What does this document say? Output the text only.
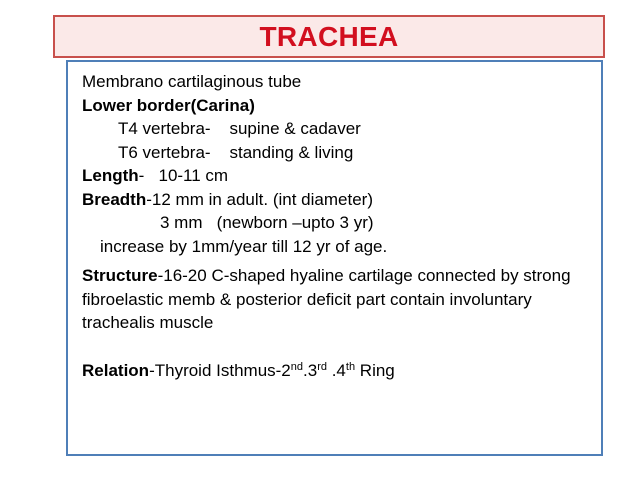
TRACHEA
Membrano cartilaginous tube
Lower border(Carina)
T4 vertebra-    supine & cadaver
T6 vertebra-    standing & living
Length-   10-11 cm
Breadth-12 mm in adult. (int diameter)
3 mm   (newborn –upto 3 yr)
increase by 1mm/year till 12 yr of age.
Structure-16-20 C-shaped hyaline cartilage connected by strong fibroelastic memb & posterior deficit part contain involuntary trachealis muscle
Relation-Thyroid Isthmus-2nd.3rd .4th Ring
